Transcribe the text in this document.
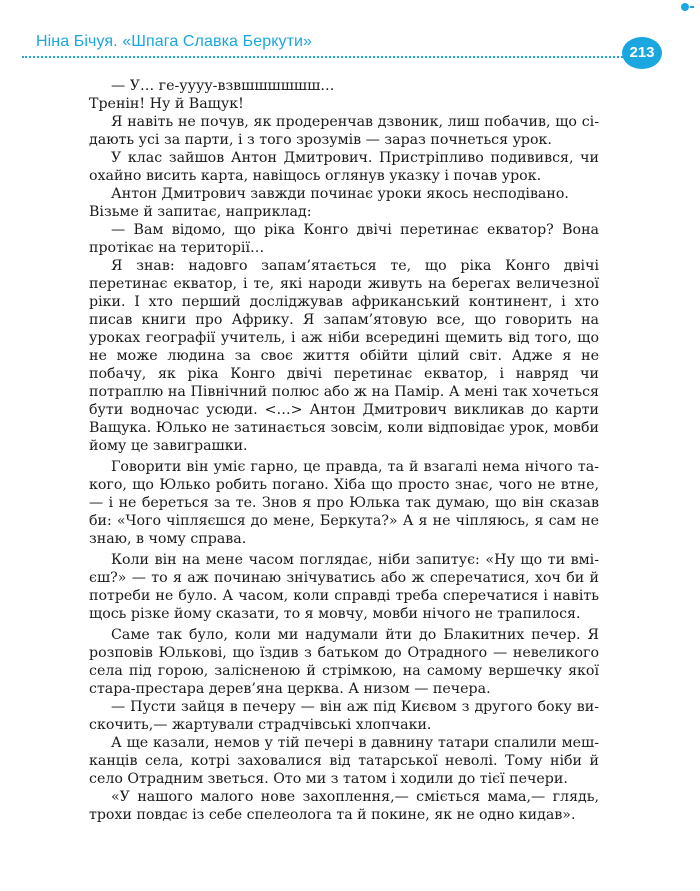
Ніна Бічуя. «Шпага Славка Беркути»
213

— У… ге-уууу-взвшшшшшш…

Тренін! Ну й Ващук!

Я навіть не почув, як продеренчав дзвоник, лиш побачив, що сідають усі за парти, і з того зрозумів — зараз почнеться урок.

У клас зайшов Антон Дмитрович. Пристріпливо подивився, чи охайно висить карта, навіщось оглянув указку і почав урок.

Антон Дмитрович завжди починає уроки якось несподівано.

Візьме й запитає, наприклад:

— Вам відомо, що ріка Конго двічі перетинає екватор? Вона протікає на території…

Я знав: надовго запам’ятається те, що ріка Конго двічі перетинає екватор, і те, які народи живуть на берегах величезної ріки. І хто перший досліджував африканський континент, і хто писав книги про Африку. Я запам’ятовую все, що говорить на уроках географії учитель, і аж ніби всередині щемить від того, що не може людина за своє життя обійти цілий світ. Адже я не побачу, як ріка Конго двічі перетинає екватор, і навряд чи потраплю на Північний полюс або ж на Памір. А мені так хочеться бути водночас усюди. <…> Антон Дмитрович викликав до карти Ващука. Юлько не затинається зовсім, коли відповідає урок, мовби йому це завиграшки.

Говорити він уміє гарно, це правда, та й взагалі нема нічого такого, що Юлько робить погано. Хіба що просто знає, чого не втне,— і не береться за те. Знов я про Юлька так думаю, що він сказав би: «Чого чіпляєшся до мене, Беркута?» А я не чіпляюсь, я сам не знаю, в чому справа.

Коли він на мене часом поглядає, ніби запитує: «Ну що ти вмієш?» — то я аж починаю знічуватись або ж сперечатися, хоч би й потреби не було. А часом, коли справді треба сперечатися і навіть щось різке йому сказати, то я мовчу, мовби нічого не трапилося.

Саме так було, коли ми надумали йти до Блакитних печер. Я розповів Юлькові, що їздив з батьком до Отрадного — невеликого села під горою, залісненою й стрімкою, на самому вершечку якої стара-престара дерев’яна церква. А низом — печера.

— Пусти зайця в печеру — він аж під Києвом з другого боку вискочить,— жартували страдчівські хлопчаки.

А ще казали, немов у тій печері в давнину татари спалили мешканців села, котрі заховалися від татарської неволі. Тому ніби й село Отрадним зветься. Ото ми з татом і ходили до тієї печери.

«У нашого малого нове захоплення,— сміється мама,— глядь, трохи повдає із себе спелеолога та й покине, як не одно кидав».
